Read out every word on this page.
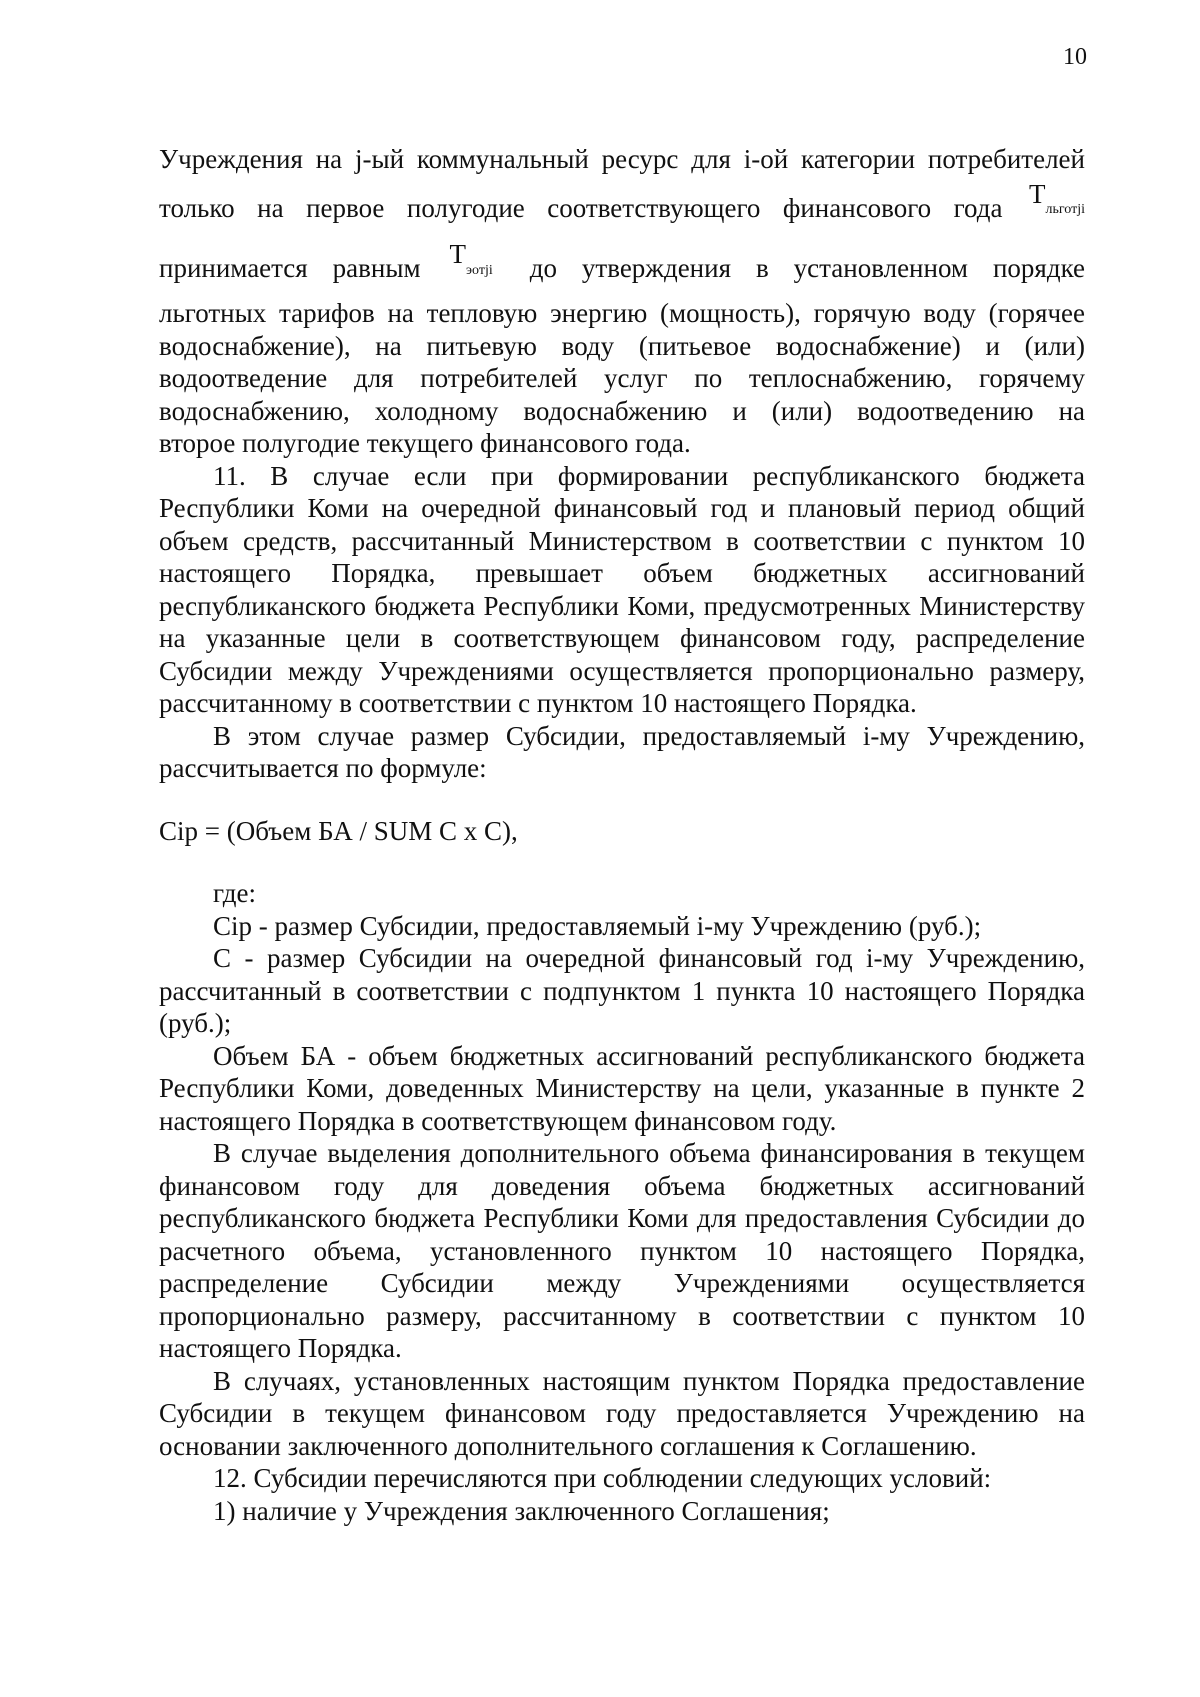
10
Учреждения на j-ый коммунальный ресурс для i-ой категории потребителей
только на первое полугодие соответствующего финансового года $Т_{льготji}$
принимается равным $Т_{эотji}$ до утверждения в установленном порядке
льготных тарифов на тепловую энергию (мощность), горячую воду (горячее
водоснабжение), на питьевую воду (питьевое водоснабжение) и (или)
водоотведение для потребителей услуг по теплоснабжению, горячему
водоснабжению, холодному водоснабжению и (или) водоотведению на
второе полугодие текущего финансового года.

11. В случае если при формировании республиканского бюджета Республики Коми на очередной финансовый год и плановый период общий объем средств, рассчитанный Министерством в соответствии с пунктом 10 настоящего Порядка, превышает объем бюджетных ассигнований республиканского бюджета Республики Коми, предусмотренных Министерству на указанные цели в соответствующем финансовом году, распределение Субсидии между Учреждениями осуществляется пропорционально размеру, рассчитанному в соответствии с пунктом 10 настоящего Порядка.

В этом случае размер Субсидии, предоставляемый i-му Учреждению, рассчитывается по формуле:

Сiр = (Объем БА / SUM С x С),

где:

Сiр - размер Субсидии, предоставляемый i-му Учреждению (руб.);

С - размер Субсидии на очередной финансовый год i-му Учреждению, рассчитанный в соответствии с подпунктом 1 пункта 10 настоящего Порядка (руб.);

Объем БА - объем бюджетных ассигнований республиканского бюджета Республики Коми, доведенных Министерству на цели, указанные в пункте 2 настоящего Порядка в соответствующем финансовом году.

В случае выделения дополнительного объема финансирования в текущем финансовом году для доведения объема бюджетных ассигнований республиканского бюджета Республики Коми для предоставления Субсидии до расчетного объема, установленного пунктом 10 настоящего Порядка, распределение Субсидии между Учреждениями осуществляется пропорционально размеру, рассчитанному в соответствии с пунктом 10 настоящего Порядка.

В случаях, установленных настоящим пунктом Порядка предоставление Субсидии в текущем финансовом году предоставляется Учреждению на основании заключенного дополнительного соглашения к Соглашению.

12. Субсидии перечисляются при соблюдении следующих условий:

1) наличие у Учреждения заключенного Соглашения;
